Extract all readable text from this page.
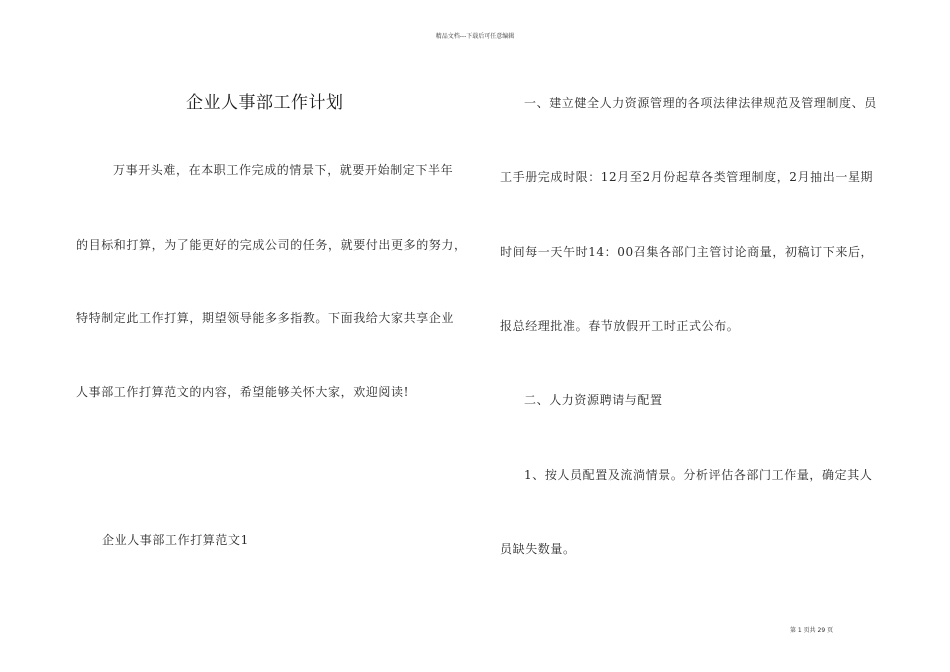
精品文档---下载后可任意编辑
企业人事部工作计划
万事开头难，在本职工作完成的情景下，就要开始制定下半年
的目标和打算，为了能更好的完成公司的任务，就要付出更多的努力，
特特制定此工作打算，期望领导能多多指教。下面我给大家共享企业
人事部工作打算范文的内容，希望能够关怀大家，欢迎阅读!
企业人事部工作打算范文1
一、建立健全人力资源管理的各项法律法律规范及管理制度、员
工手册完成时限：12月至2月份起草各类管理制度，2月抽出一星期
时间每一天午时14：00召集各部门主管讨论商量，初稿订下来后，
报总经理批准。春节放假开工时正式公布。
二、人力资源聘请与配置
1、按人员配置及流淌情景。分析评估各部门工作量，确定其人
员缺失数量。
第 1 页共 29 页
